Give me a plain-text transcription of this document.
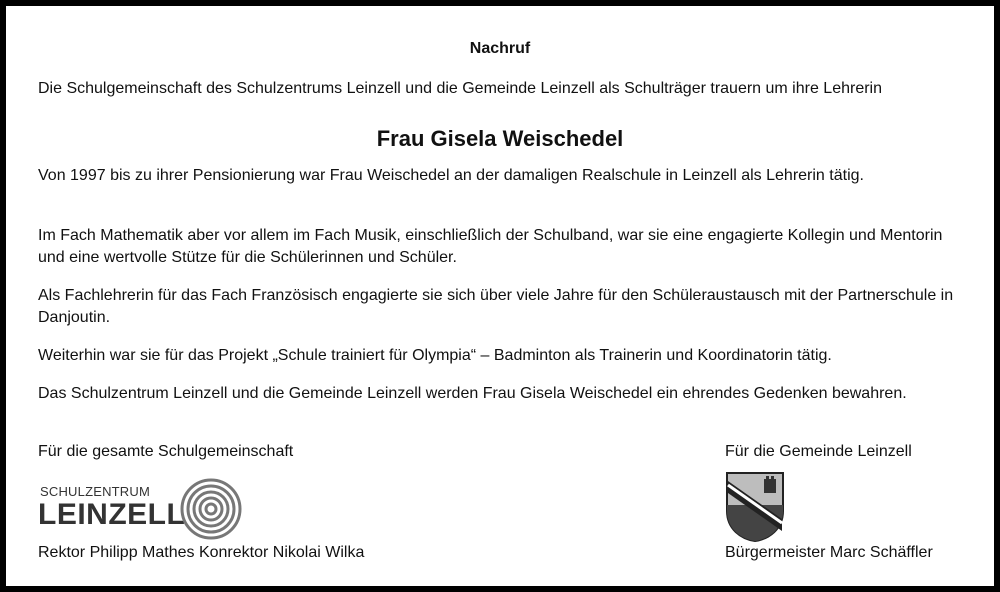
Nachruf

Die Schulgemeinschaft des Schulzentrums Leinzell und die Gemeinde Leinzell als Schulträger trauern um ihre Lehrerin

Frau Gisela Weischedel

Von 1997 bis zu ihrer Pensionierung war Frau Weischedel an der damaligen Realschule in Leinzell als Lehrerin tätig.

Im Fach Mathematik aber vor allem im Fach Musik, einschließlich der Schulband, war sie eine engagierte Kollegin und Mentorin und eine wertvolle Stütze für die Schülerinnen und Schüler.

Als Fachlehrerin für das Fach Französisch engagierte sie sich über viele Jahre für den Schüleraustausch mit der Partnerschule in Danjoutin.

Weiterhin war sie für das Projekt „Schule trainiert für Olympia“ – Badminton als Trainerin und Koordinatorin tätig.

Das Schulzentrum Leinzell und die Gemeinde Leinzell werden Frau Gisela Weischedel ein ehrendes Gedenken bewahren.

Für die gesamte Schulgemeinschaft	Für die Gemeinde Leinzell
SCHULZENTRUM
LEINZELL
Rektor Philipp Mathes Konrektor Nikolai Wilka	Bürgermeister Marc Schäffler
